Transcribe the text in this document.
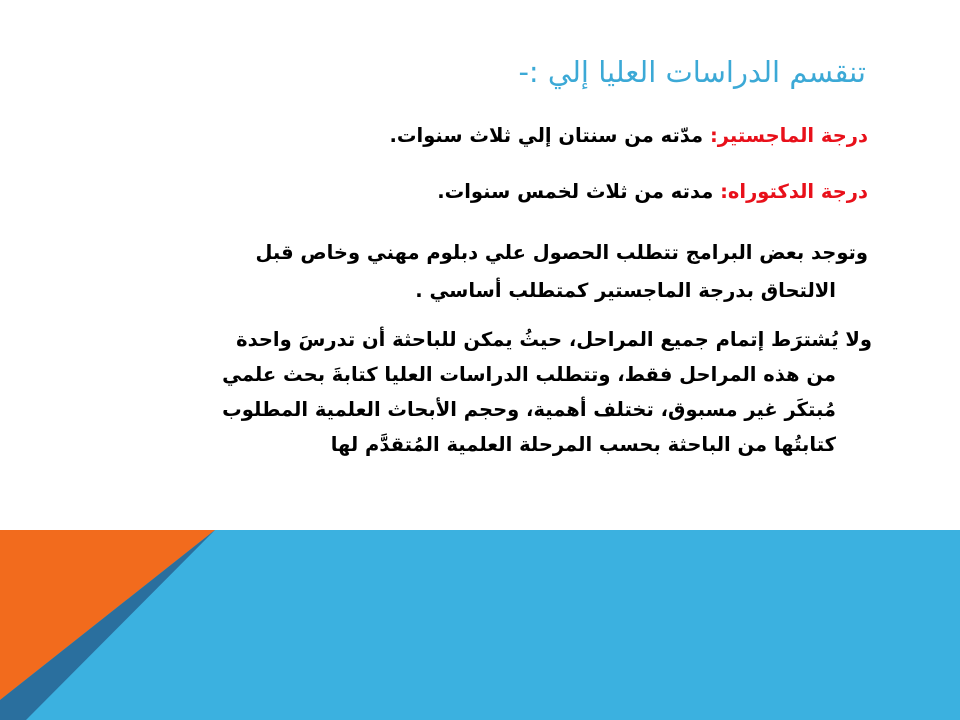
تنقسم الدراسات العليا إلي :-

درجة الماجستير: مدّته من سنتان إلي ثلاث سنوات.

درجة الدكتوراه: مدته من ثلاث لخمس سنوات.

وتوجد بعض البرامج تتطلب الحصول علي دبلوم مهني وخاص قبل
الالتحاق بدرجة الماجستير كمتطلب أساسي .
ولا يُشترَط إتمام جميع المراحل، حيثُ يمكن للباحثة أن تدرسَ واحدة
من هذه المراحل فقط، وتتطلب الدراسات العليا كتابةَ بحث علمي
مُبتكَر غير مسبوق، تختلف أهمية، وحجم الأبحاث العلمية المطلوب
كتابتُها من الباحثة بحسب المرحلة العلمية المُتقدَّم لها
